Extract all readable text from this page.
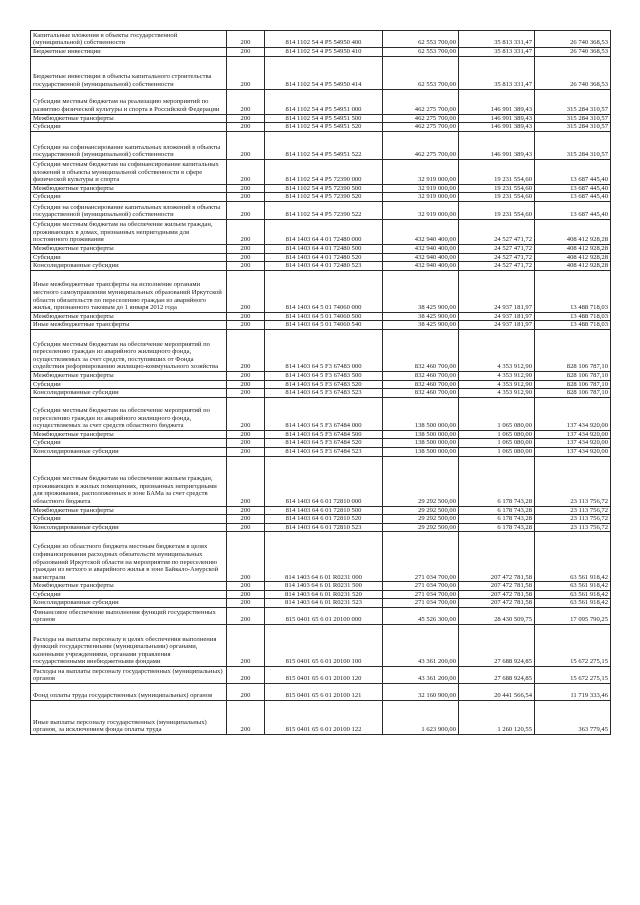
Капитальные вложения в объекты государственной (муниципальной) собственности	200	814 1102 54 4 P5 54950 400	62 553 700,00	35 813 331,47	26 740 368,53
Бюджетные инвестиции	200	814 1102 54 4 P5 54950 410	62 553 700,00	35 813 331,47	26 740 368,53
Бюджетные инвестиции в объекты капитального строительства государственной (муниципальной) собственности	200	814 1102 54 4 P5 54950 414	62 553 700,00	35 813 331,47	26 740 368,53
Субсидии местным бюджетам на реализацию мероприятий по развитию физической культуры и спорта в Российской Федерации	200	814 1102 54 4 P5 54951 000	462 275 700,00	146 991 389,43	315 284 310,57
Межбюджетные трансферты	200	814 1102 54 4 P5 54951 500	462 275 700,00	146 991 389,43	315 284 310,57
Субсидии	200	814 1102 54 4 P5 54951 520	462 275 700,00	146 991 389,43	315 284 310,57
Субсидии на софинансирование капитальных вложений в объекты государственной (муниципальной) собственности	200	814 1102 54 4 P5 54951 522	462 275 700,00	146 991 389,43	315 284 310,57
Субсидии местным бюджетам на софинансирование капитальных вложений в объекты муниципальной собственности в сфере физической культуры и спорта	200	814 1102 54 4 P5 72390 000	32 919 000,00	19 231 554,60	13 687 445,40
Межбюджетные трансферты	200	814 1102 54 4 P5 72390 500	32 919 000,00	19 231 554,60	13 687 445,40
Субсидии	200	814 1102 54 4 P5 72390 520	32 919 000,00	19 231 554,60	13 687 445,40
Субсидии на софинансирование капитальных вложений в объекты государственной (муниципальной) собственности	200	814 1102 54 4 P5 72390 522	32 919 000,00	19 231 554,60	13 687 445,40
Субсидии местным бюджетам на обеспечение жильем граждан, проживающих в домах, признанных непригодными для постоянного проживания	200	814 1403 64 4 01 72480 000	432 940 400,00	24 527 471,72	408 412 928,28
Межбюджетные трансферты	200	814 1403 64 4 01 72480 500	432 940 400,00	24 527 471,72	408 412 928,28
Субсидии	200	814 1403 64 4 01 72480 520	432 940 400,00	24 527 471,72	408 412 928,28
Консолидированные субсидии	200	814 1403 64 4 01 72480 523	432 940 400,00	24 527 471,72	408 412 928,28
Иные межбюджетные трансферты на исполнение органами местного самоуправления муниципальных образований Иркутской области обязательств по переселению граждан из аварийного жилья, признанного таковым до 1 января 2012 года	200	814 1403 64 5 01 74060 000	38 425 900,00	24 937 181,97	13 488 718,03
Межбюджетные трансферты	200	814 1403 64 5 01 74060 500	38 425 900,00	24 937 181,97	13 488 718,03
Иные межбюджетные трансферты	200	814 1403 64 5 01 74060 540	38 425 900,00	24 937 181,97	13 488 718,03
Субсидии местным бюджетам на обеспечение мероприятий по переселению граждан из аварийного жилищного фонда, осуществляемых за счет средств, поступивших от Фонда содействия реформированию жилищно-коммунального хозяйства	200	814 1403 64 5 F3 67483 000	832 460 700,00	4 353 912,90	828 106 787,10
Межбюджетные трансферты	200	814 1403 64 5 F3 67483 500	832 460 700,00	4 353 912,90	828 106 787,10
Субсидии	200	814 1403 64 5 F3 67483 520	832 460 700,00	4 353 912,90	828 106 787,10
Консолидированные субсидии	200	814 1403 64 5 F3 67483 523	832 460 700,00	4 353 912,90	828 106 787,10
Субсидии местным бюджетам на обеспечение мероприятий по переселению граждан из аварийного жилищного фонда, осуществляемых за счет средств областного бюджета	200	814 1403 64 5 F3 67484 000	138 500 000,00	1 065 080,00	137 434 920,00
Межбюджетные трансферты	200	814 1403 64 5 F3 67484 500	138 500 000,00	1 065 080,00	137 434 920,00
Субсидии	200	814 1403 64 5 F3 67484 520	138 500 000,00	1 065 080,00	137 434 920,00
Консолидированные субсидии	200	814 1403 64 5 F3 67484 523	138 500 000,00	1 065 080,00	137 434 920,00
Субсидии местным бюджетам на обеспечение жильем граждан, проживающих в жилых помещениях, признанных непригодными для проживания, расположенных в зоне БАМа за счет средств областного бюджета	200	814 1403 64 6 01 72810 000	29 292 500,00	6 178 743,28	23 113 756,72
Межбюджетные трансферты	200	814 1403 64 6 01 72810 500	29 292 500,00	6 178 743,28	23 113 756,72
Субсидии	200	814 1403 64 6 01 72810 520	29 292 500,00	6 178 743,28	23 113 756,72
Консолидированные субсидии	200	814 1403 64 6 01 72810 523	29 292 500,00	6 178 743,28	23 113 756,72
Субсидии из областного бюджета местным бюджетам в целях софинансирования расходных обязательств муниципальных образований Иркутской области на мероприятия по переселению граждан из ветхого и аварийного жилья в зоне Байкало-Амурской магистрали	200	814 1403 64 6 01 R0231 000	271 034 700,00	207 472 781,58	63 561 918,42
Межбюджетные трансферты	200	814 1403 64 6 01 R0231 500	271 034 700,00	207 472 781,58	63 561 918,42
Субсидии	200	814 1403 64 6 01 R0231 520	271 034 700,00	207 472 781,58	63 561 918,42
Консолидированные субсидии	200	814 1403 64 6 01 R0231 523	271 034 700,00	207 472 781,58	63 561 918,42
Финансовое обеспечение выполнения функций государственных органов	200	815 0401 65 6 01 20100 000	45 526 300,00	28 430 509,75	17 095 790,25
Расходы на выплаты персоналу в целях обеспечения выполнения функций государственными (муниципальными) органами, казенными учреждениями, органами управления государственными внебюджетными фондами	200	815 0401 65 6 01 20100 100	43 361 200,00	27 688 924,85	15 672 275,15
Расходы на выплаты персоналу государственных (муниципальных) органов	200	815 0401 65 6 01 20100 120	43 361 200,00	27 688 924,85	15 672 275,15
Фонд оплаты труда государственных (муниципальных) органов	200	815 0401 65 6 01 20100 121	32 160 900,00	20 441 566,54	11 719 333,46
Иные выплаты персоналу государственных (муниципальных) органов, за исключением фонда оплаты труда	200	815 0401 65 6 01 20100 122	1 623 900,00	1 260 120,55	363 779,45
